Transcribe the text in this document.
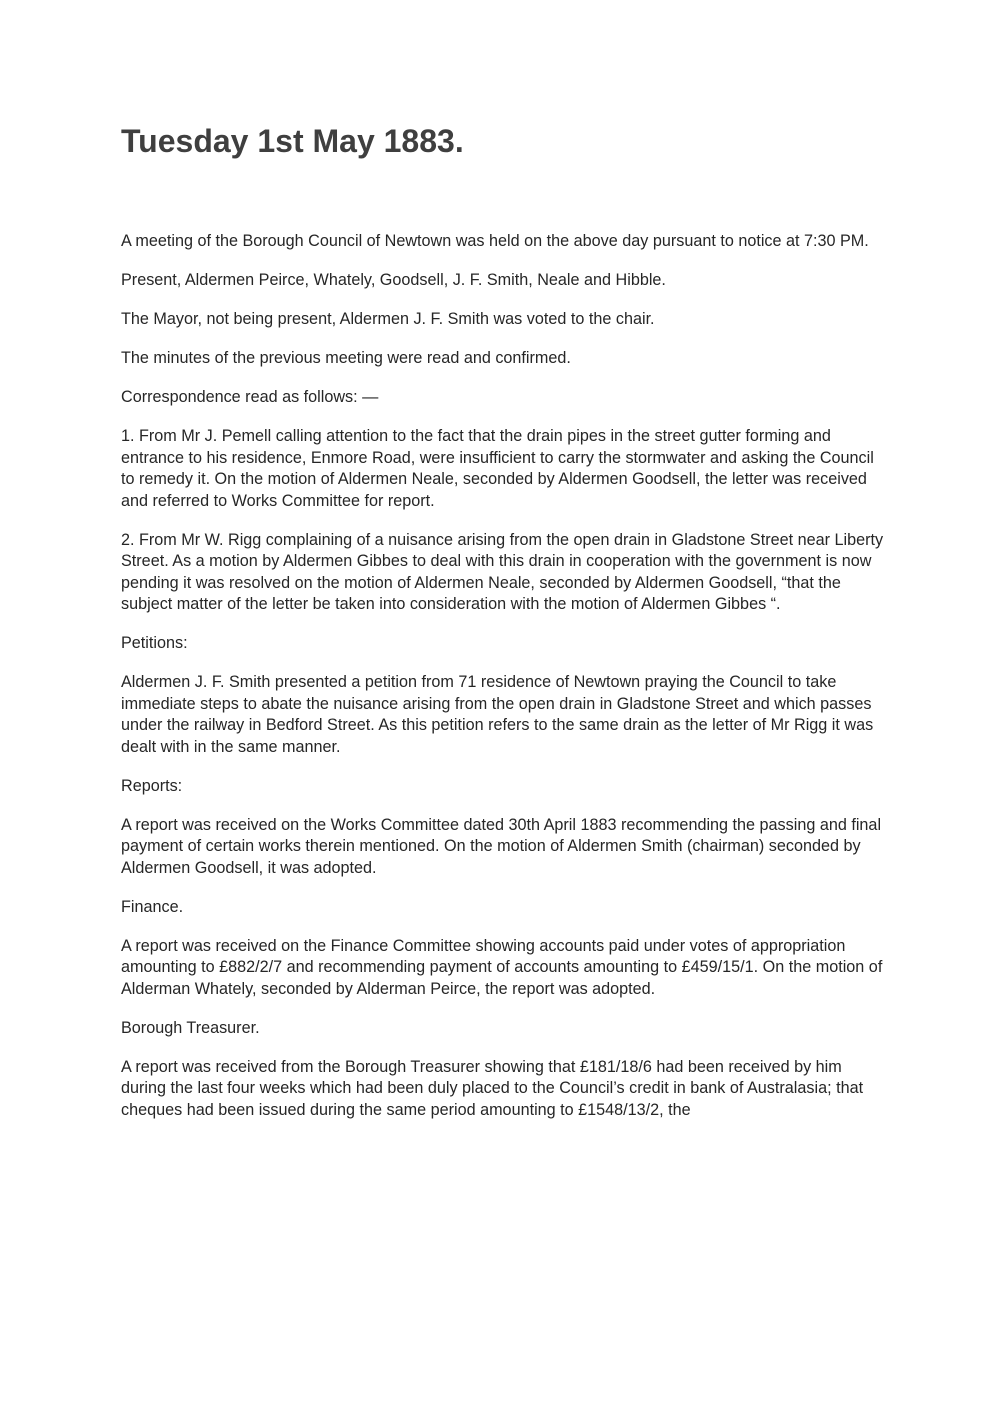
Tuesday 1st May 1883.

A meeting of the Borough Council of Newtown was held on the above day pursuant to notice at 7:30 PM.

Present, Aldermen Peirce, Whately, Goodsell, J. F. Smith, Neale and Hibble.

The Mayor, not being present, Aldermen J. F. Smith was voted to the chair.

The minutes of the previous meeting were read and confirmed.

Correspondence read as follows: —

1. From Mr J. Pemell calling attention to the fact that the drain pipes in the street gutter forming and entrance to his residence, Enmore Road, were insufficient to carry the stormwater and asking the Council to remedy it. On the motion of Aldermen Neale, seconded by Aldermen Goodsell, the letter was received and referred to Works Committee for report.

2. From Mr W. Rigg complaining of a nuisance arising from the open drain in Gladstone Street near Liberty Street. As a motion by Aldermen Gibbes to deal with this drain in cooperation with the government is now pending it was resolved on the motion of Aldermen Neale, seconded by Aldermen Goodsell, “that the subject matter of the letter be taken into consideration with the motion of Aldermen Gibbes “.

Petitions:

Aldermen J. F. Smith presented a petition from 71 residence of Newtown praying the Council to take immediate steps to abate the nuisance arising from the open drain in Gladstone Street and which passes under the railway in Bedford Street. As this petition refers to the same drain as the letter of Mr Rigg it was dealt with in the same manner.

Reports:

A report was received on the Works Committee dated 30th April 1883 recommending the passing and final payment of certain works therein mentioned. On the motion of Aldermen Smith (chairman) seconded by Aldermen Goodsell, it was adopted.

Finance.

A report was received on the Finance Committee showing accounts paid under votes of appropriation amounting to £882/2/7 and recommending payment of accounts amounting to £459/15/1. On the motion of Alderman Whately, seconded by Alderman Peirce, the report was adopted.

Borough Treasurer.

A report was received from the Borough Treasurer showing that £181/18/6 had been received by him during the last four weeks which had been duly placed to the Council’s credit in bank of Australasia; that cheques had been issued during the same period amounting to £1548/13/2, the
